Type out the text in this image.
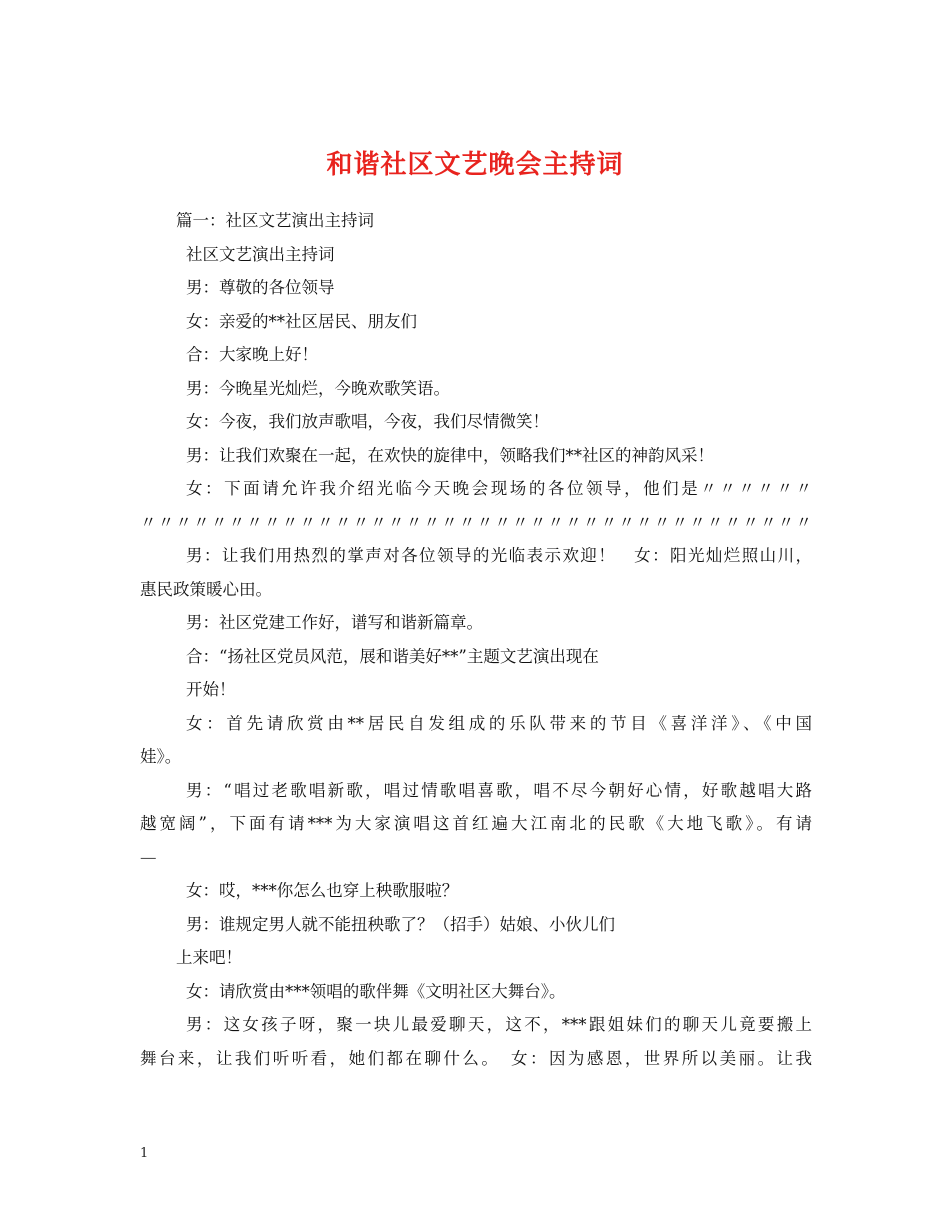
和谐社区文艺晚会主持词

篇一：社区文艺演出主持词

社区文艺演出主持词

男：尊敬的各位领导

女：亲爱的**社区居民、朋友们

合：大家晚上好！

男：今晚星光灿烂，今晚欢歌笑语。

女：今夜，我们放声歌唱，今夜，我们尽情微笑！

男：让我们欢聚在一起，在欢快的旋律中，领略我们**社区的神韵风采！

女：下面请允许我介绍光临今天晚会现场的各位领导，他们是〃〃〃〃〃〃

〃〃〃〃〃〃〃〃〃〃〃〃〃〃〃〃〃〃〃〃〃〃〃〃〃〃〃〃〃〃〃〃〃〃〃〃〃〃

男：让我们用热烈的掌声对各位领导的光临表示欢迎！　女：阳光灿烂照山川，

惠民政策暖心田。

男：社区党建工作好，谱写和谐新篇章。

合：“扬社区党员风范，展和谐美好**”主题文艺演出现在

开始！

女：首先请欣赏由**居民自发组成的乐队带来的节目《喜洋洋》、《中国

娃》。

男：“唱过老歌唱新歌，唱过情歌唱喜歌，唱不尽今朝好心情，好歌越唱大路

越宽阔”，下面有请***为大家演唱这首红遍大江南北的民歌《大地飞歌》。有请

—

女：哎，***你怎么也穿上秧歌服啦？

男：谁规定男人就不能扭秧歌了？（招手）姑娘、小伙儿们

上来吧！

女：请欣赏由***领唱的歌伴舞《文明社区大舞台》。

男：这女孩子呀，聚一块儿最爱聊天，这不，***跟姐妹们的聊天儿竟要搬上

舞台来，让我们听听看，她们都在聊什么。　女：因为感恩，世界所以美丽。让我

1
